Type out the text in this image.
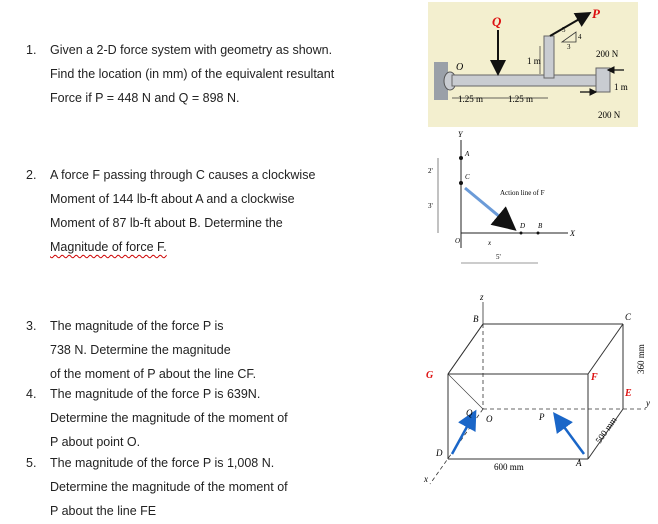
1. Given a 2-D force system with geometry as shown.
Find the location (in mm) of the equivalent resultant
Force if P = 448 N and Q = 898 N.
2. A force F passing through C causes a clockwise
Moment of 144 lb-ft about A and a clockwise
Moment of 87 lb-ft about B. Determine the
Magnitude of force F.
3. The magnitude of the force P is
738 N. Determine the magnitude
of the moment of P about the line CF.
4. The magnitude of the force P is 639N.
Determine the magnitude of the moment of
P about point O.
5. The magnitude of the force P is 1,008 N.
Determine the magnitude of the moment of
P about the line FE
Q
P
5
4
3
O
1 m
1.25 m	1.25 m
200 N
200 N
1 m
Y
X
A
C
O
D B
Action line of F
2'
3'
x
5'
z
B	C
G	F
E
O
Q	P
D
A
x
y
600 mm
360 mm
500 mm
